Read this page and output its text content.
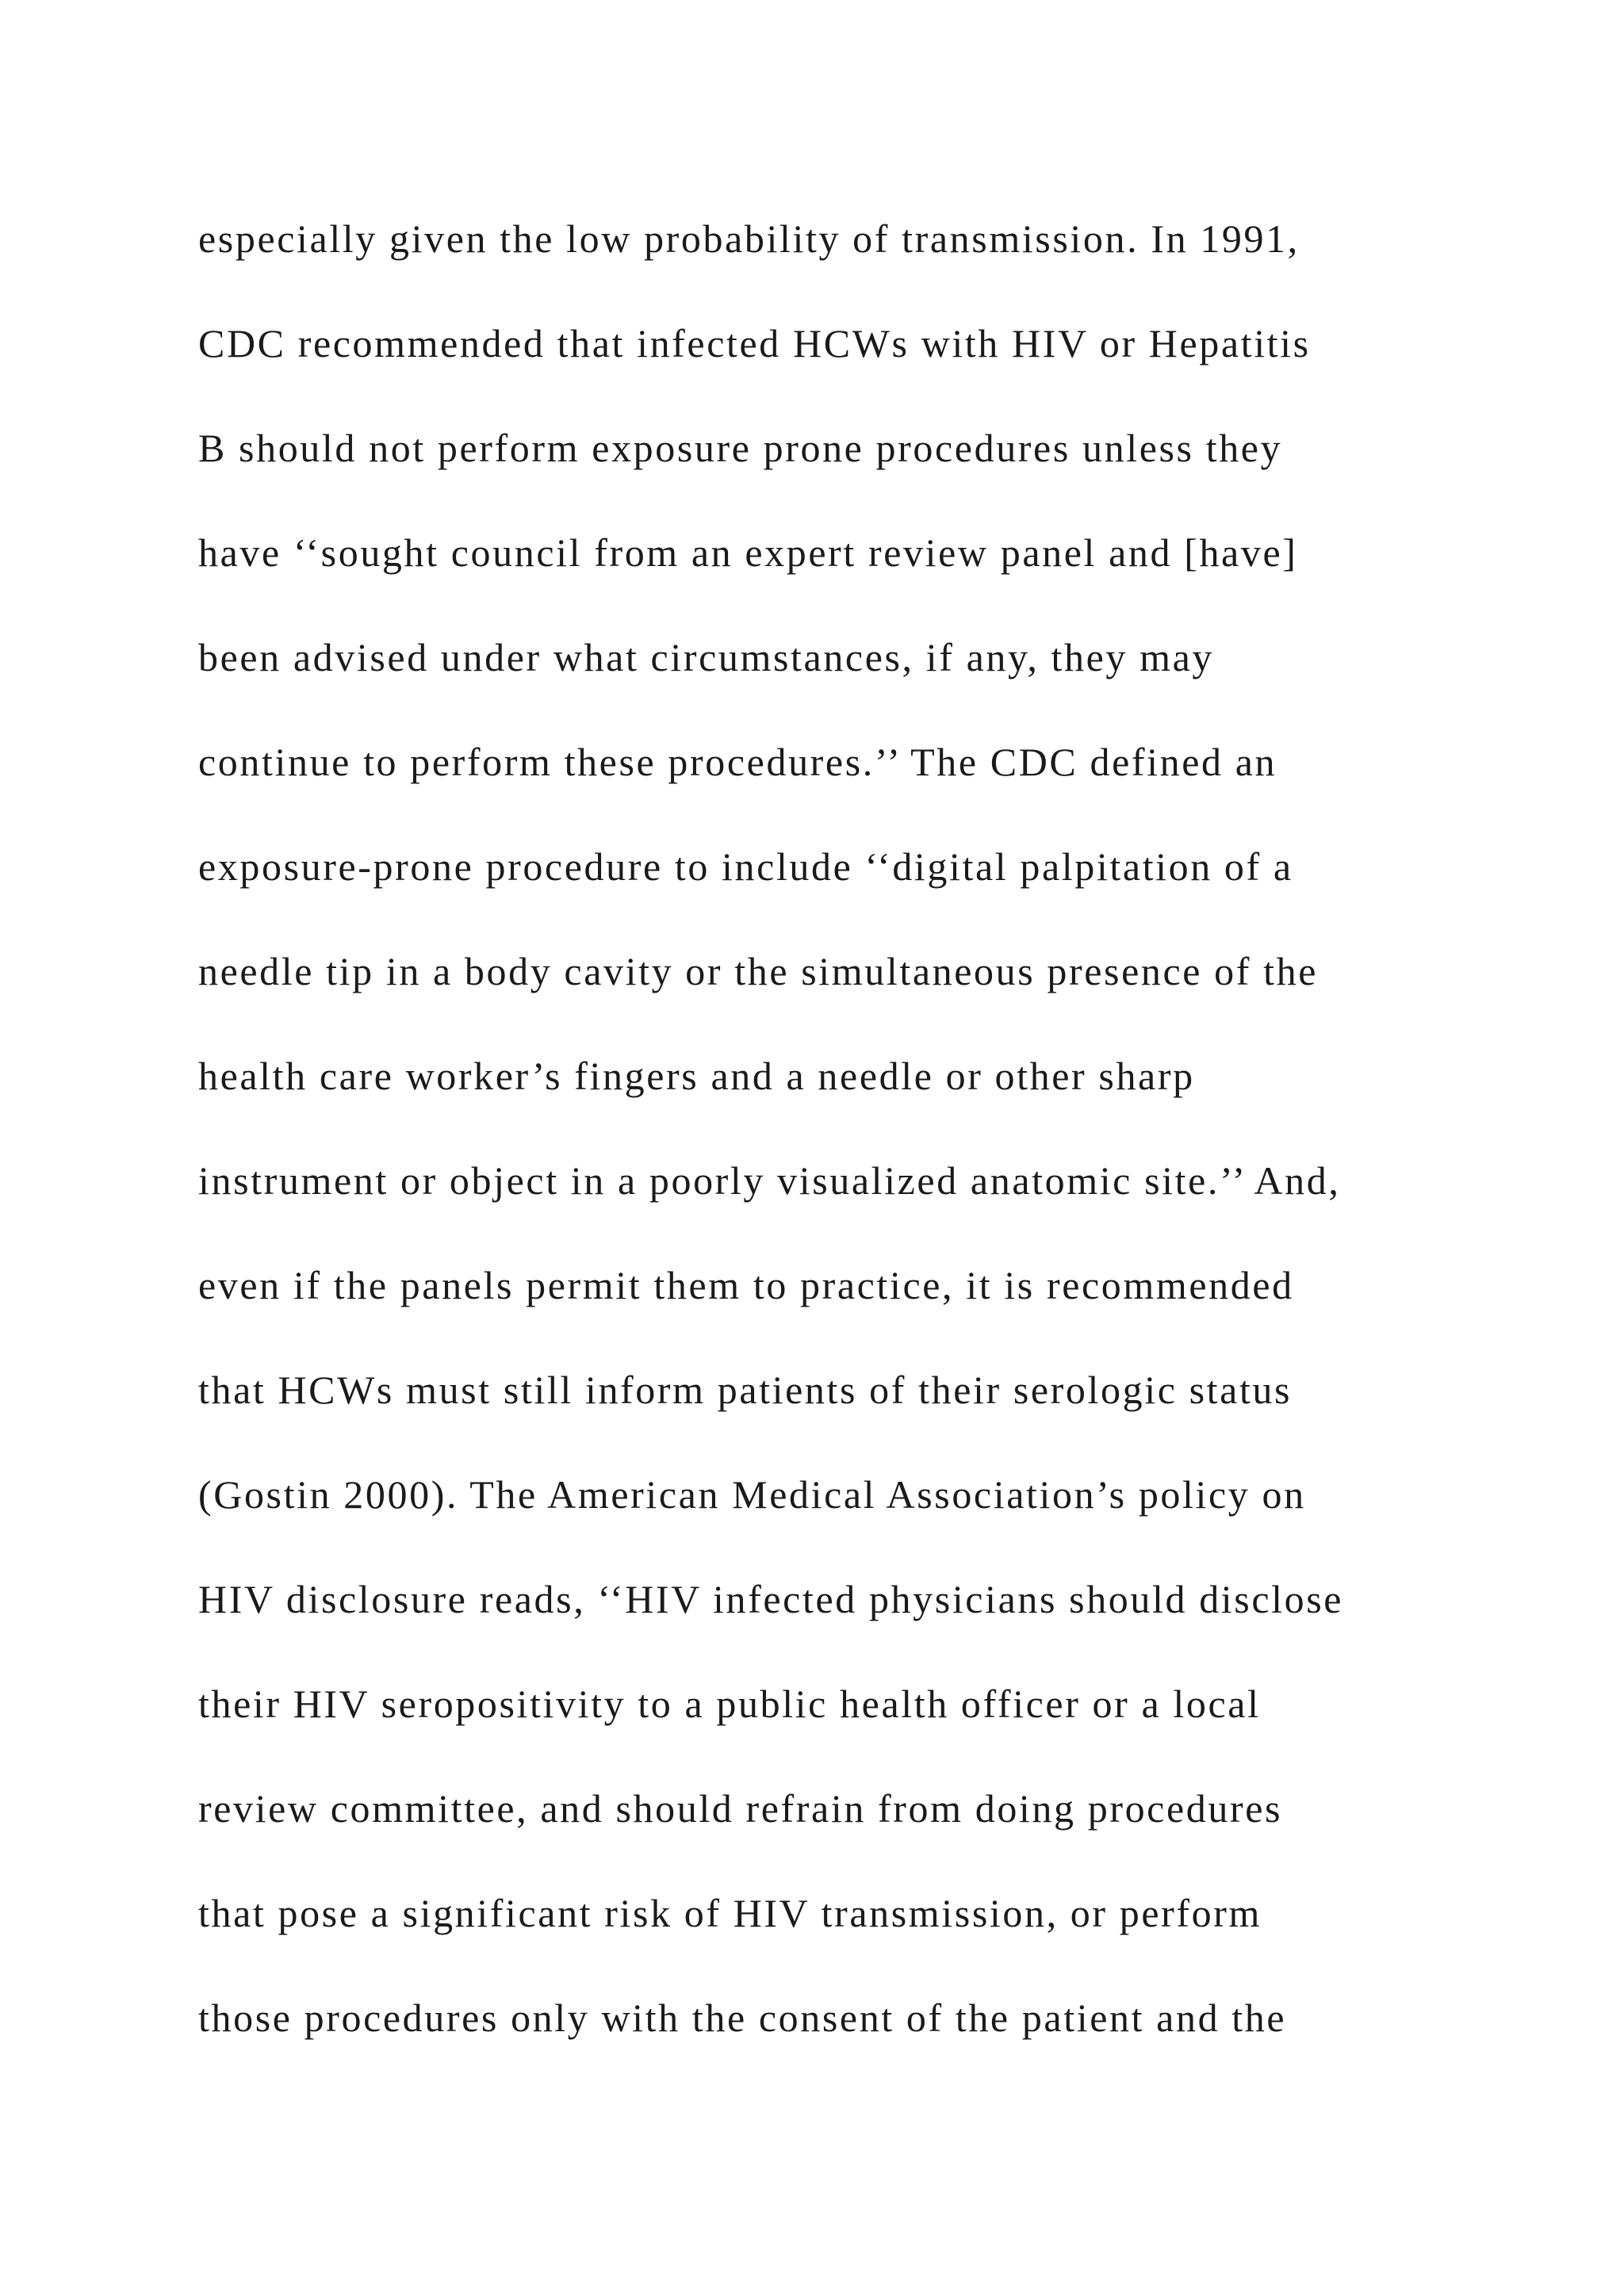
especially given the low probability of transmission. In 1991,
CDC recommended that infected HCWs with HIV or Hepatitis
B should not perform exposure prone procedures unless they
have ‘‘sought council from an expert review panel and [have]
been advised under what circumstances, if any, they may
continue to perform these procedures.’’ The CDC defined an
exposure-prone procedure to include ‘‘digital palpitation of a
needle tip in a body cavity or the simultaneous presence of the
health care worker’s fingers and a needle or other sharp
instrument or object in a poorly visualized anatomic site.’’ And,
even if the panels permit them to practice, it is recommended
that HCWs must still inform patients of their serologic status
(Gostin 2000). The American Medical Association’s policy on
HIV disclosure reads, ‘‘HIV infected physicians should disclose
their HIV seropositivity to a public health officer or a local
review committee, and should refrain from doing procedures
that pose a significant risk of HIV transmission, or perform
those procedures only with the consent of the patient and the
